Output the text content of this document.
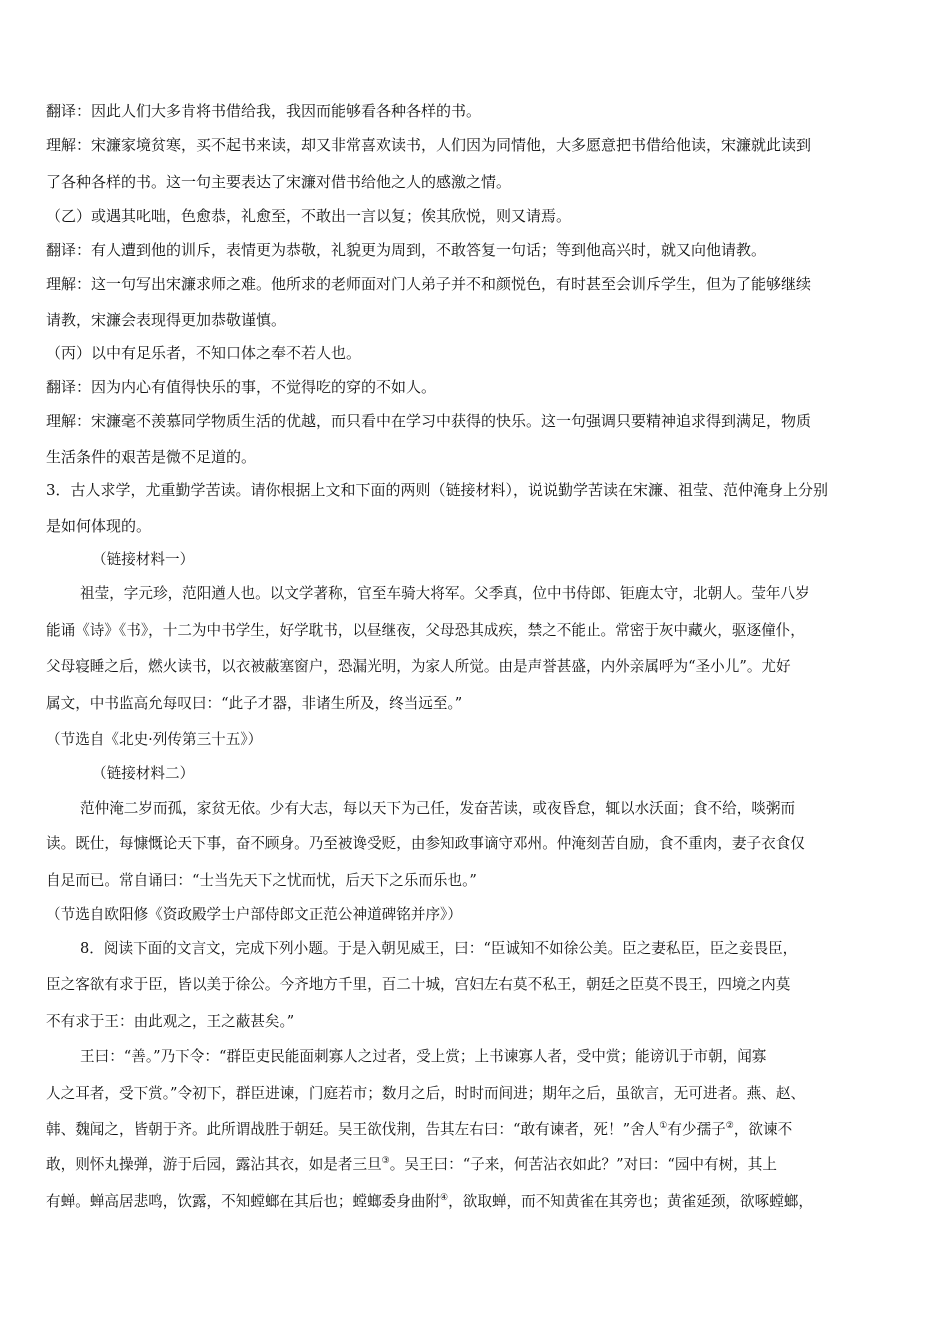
翻译：因此人们大多肯将书借给我，我因而能够看各种各样的书。
理解：宋濂家境贫寒，买不起书来读，却又非常喜欢读书，人们因为同情他，大多愿意把书借给他读，宋濂就此读到
了各种各样的书。这一句主要表达了宋濂对借书给他之人的感激之情。
（乙）或遇其叱咄，色愈恭，礼愈至，不敢出一言以复；俟其欣悦，则又请焉。
翻译：有人遭到他的训斥，表情更为恭敬，礼貌更为周到，不敢答复一句话；等到他高兴时，就又向他请教。
理解：这一句写出宋濂求师之难。他所求的老师面对门人弟子并不和颜悦色，有时甚至会训斥学生，但为了能够继续
请教，宋濂会表现得更加恭敬谨慎。
（丙）以中有足乐者，不知口体之奉不若人也。
翻译：因为内心有值得快乐的事，不觉得吃的穿的不如人。
理解：宋濂毫不羡慕同学物质生活的优越，而只看中在学习中获得的快乐。这一句强调只要精神追求得到满足，物质
生活条件的艰苦是微不足道的。
3．古人求学，尤重勤学苦读。请你根据上文和下面的两则（链接材料），说说勤学苦读在宋濂、祖莹、范仲淹身上分别
是如何体现的。
（链接材料一）
祖莹，字元珍，范阳遒人也。以文学著称，官至车骑大将军。父季真，位中书侍郎、钜鹿太守，北朝人。莹年八岁
能诵《诗》《书》，十二为中书学生，好学耽书，以昼继夜，父母恐其成疾，禁之不能止。常密于灰中藏火，驱逐僮仆，
父母寝睡之后，燃火读书，以衣被蔽塞窗户，恐漏光明，为家人所觉。由是声誉甚盛，内外亲属呼为“圣小儿”。尤好
属文，中书监高允每叹曰：“此子才器，非诸生所及，终当远至。”
（节选自《北史·列传第三十五》）
（链接材料二）
范仲淹二岁而孤，家贫无依。少有大志，每以天下为己任，发奋苦读，或夜昏怠，辄以水沃面；食不给，啖粥而
读。既仕，每慷慨论天下事，奋不顾身。乃至被谗受贬，由参知政事谪守邓州。仲淹刻苦自励，食不重肉，妻子衣食仅
自足而已。常自诵曰：“士当先天下之忧而忧，后天下之乐而乐也。”
（节选自欧阳修《资政殿学士户部侍郎文正范公神道碑铭并序》）
8．阅读下面的文言文，完成下列小题。于是入朝见威王，曰：“臣诚知不如徐公美。臣之妻私臣，臣之妾畏臣，
臣之客欲有求于臣，皆以美于徐公。今齐地方千里，百二十城，宫妇左右莫不私王，朝廷之臣莫不畏王，四境之内莫
不有求于王：由此观之，王之蔽甚矣。”
王曰：“善。”乃下令：“群臣吏民能面刺寡人之过者，受上赏；上书谏寡人者，受中赏；能谤讥于市朝，闻寡
人之耳者，受下赏。”令初下，群臣进谏，门庭若市；数月之后，时时而间进；期年之后，虽欲言，无可进者。燕、赵、
韩、魏闻之，皆朝于齐。此所谓战胜于朝廷。吴王欲伐荆，告其左右曰：“敢有谏者，死！”舍人①有少孺子②，欲谏不
敢，则怀丸操弹，游于后园，露沾其衣，如是者三旦③。吴王曰：“子来，何苦沾衣如此？”对曰：“园中有树，其上
有蝉。蝉高居悲鸣，饮露，不知螳螂在其后也；螳螂委身曲附④，欲取蝉，而不知黄雀在其旁也；黄雀延颈，欲啄螳螂，
